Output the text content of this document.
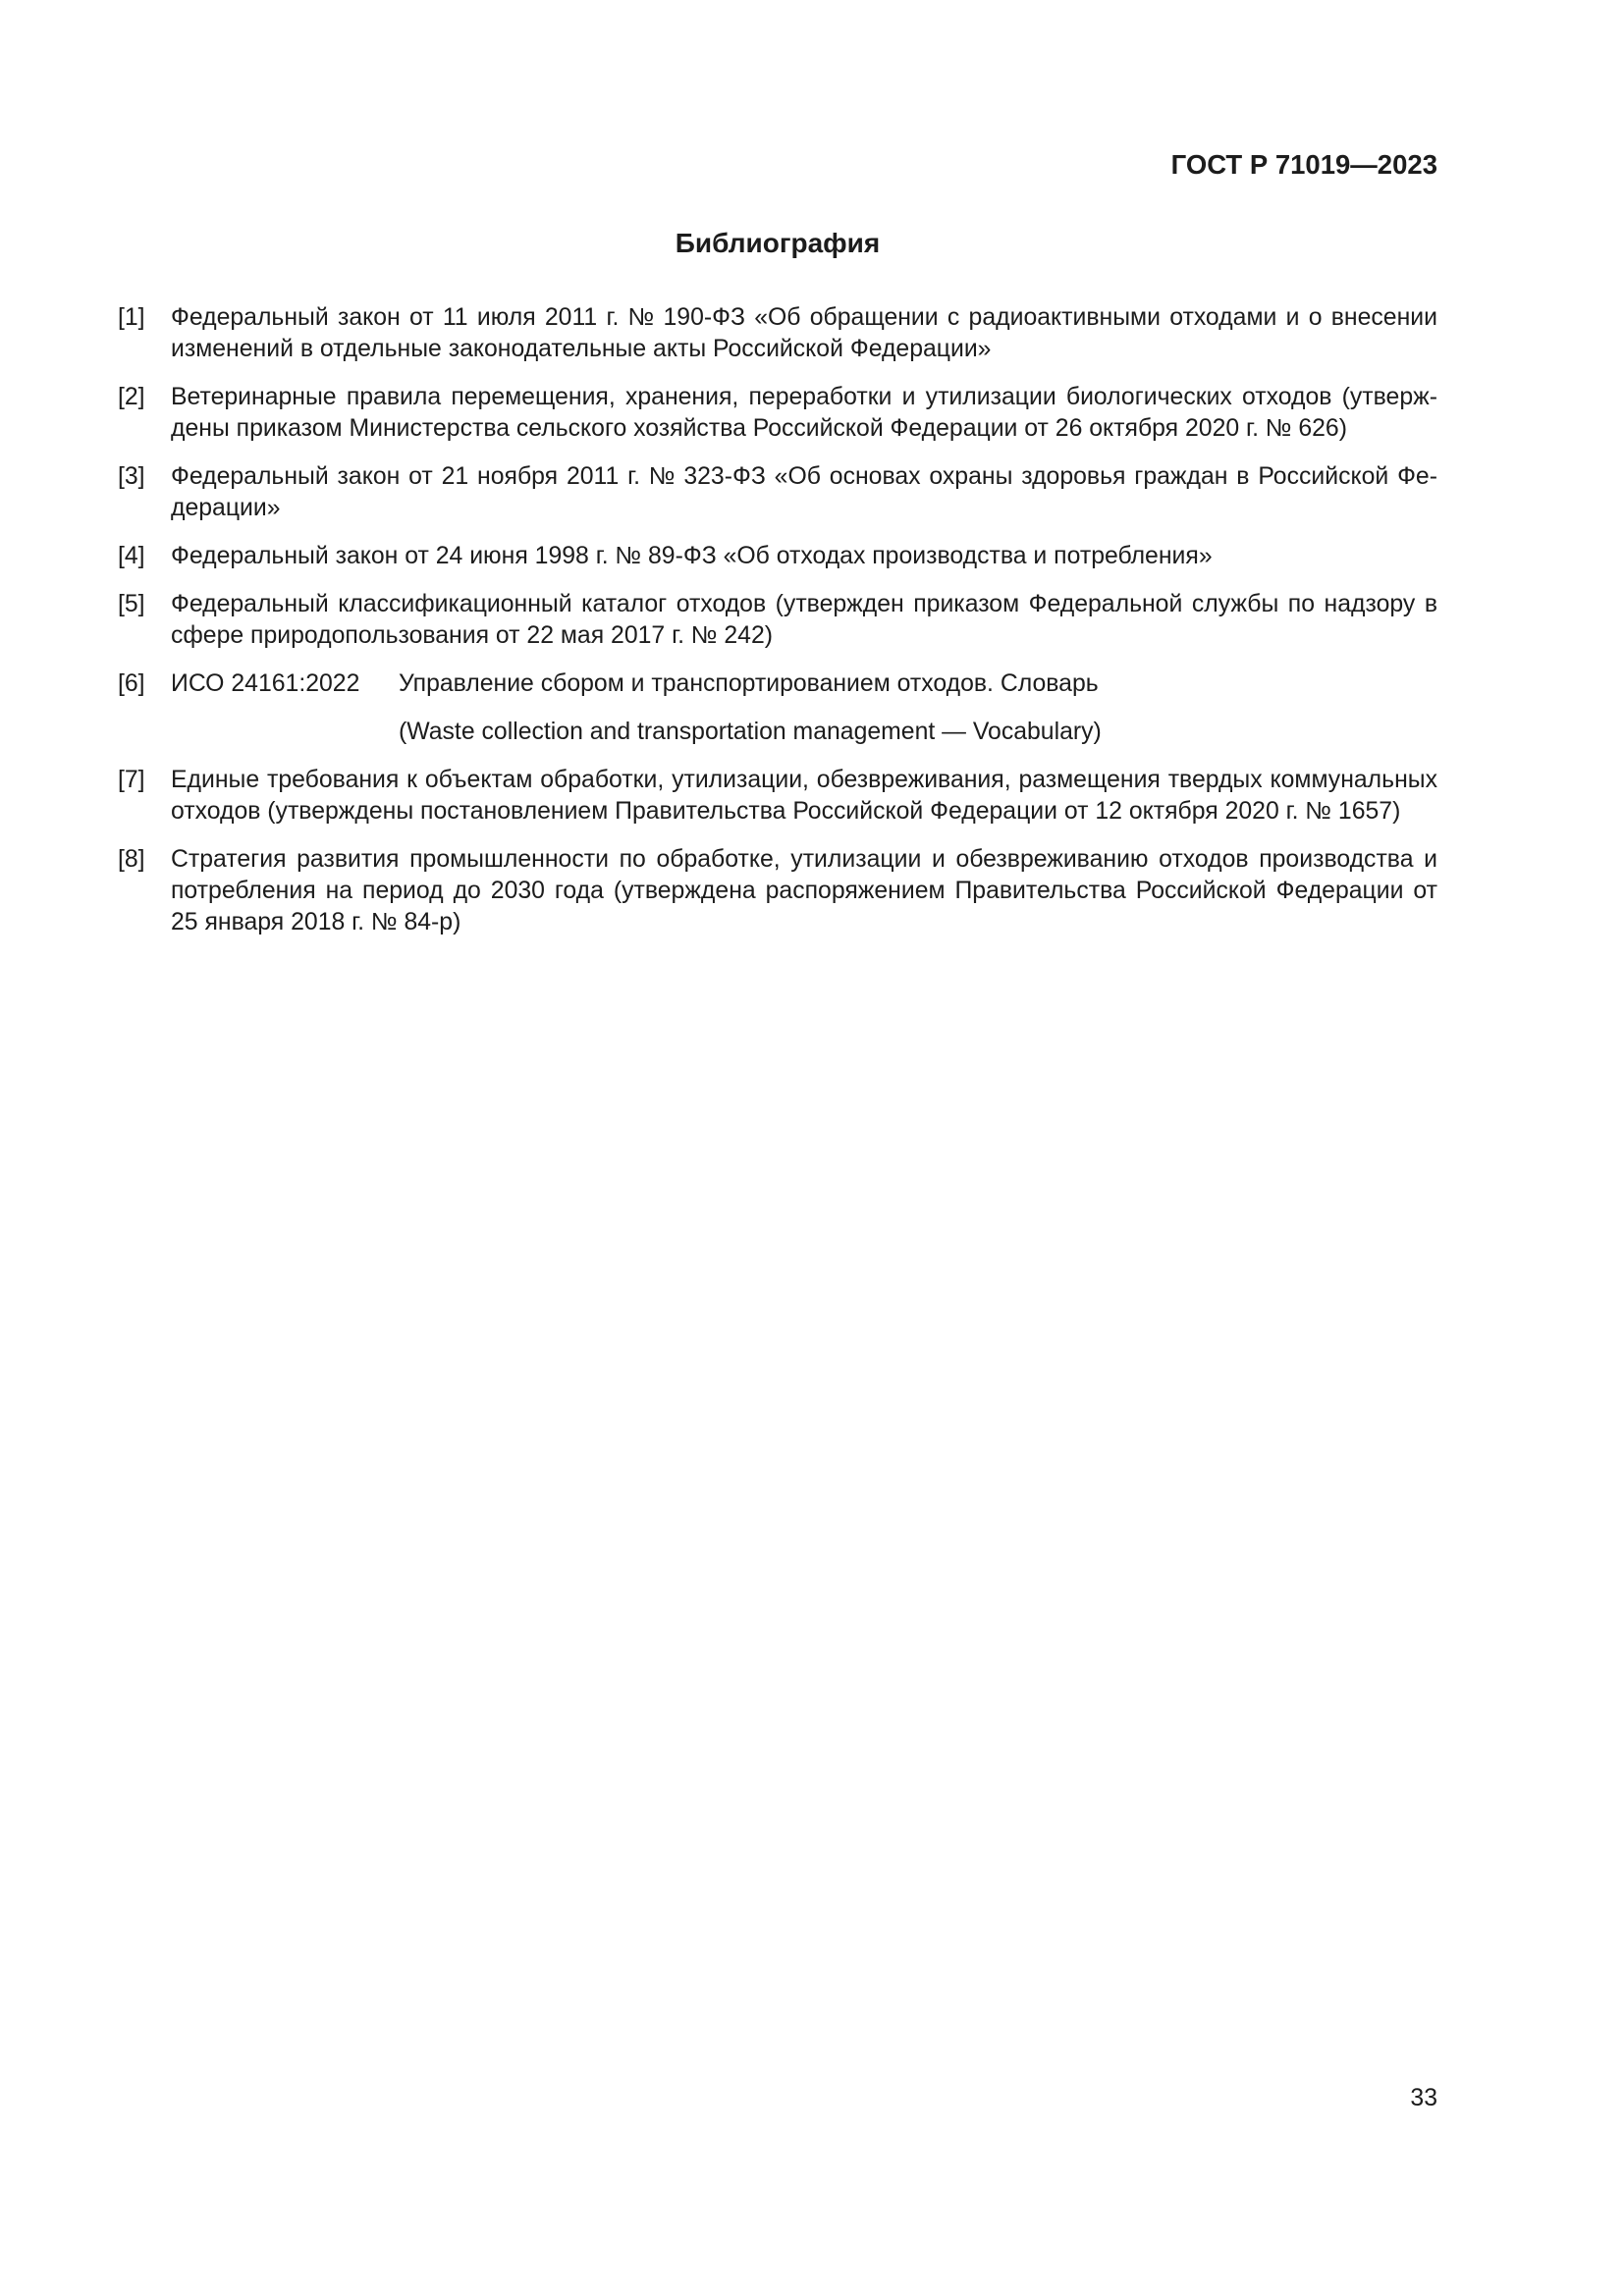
ГОСТ Р 71019—2023
Библиография
[1]	Федеральный закон от 11 июля 2011 г. № 190-ФЗ «Об обращении с радиоактивными отходами и о внесении
изменений в отдельные законодательные акты Российской Федерации»
[2]	Ветеринарные правила перемещения, хранения, переработки и утилизации биологических отходов (утверж-
дены приказом Министерства сельского хозяйства Российской Федерации от 26 октября 2020 г. № 626)
[3]	Федеральный закон от 21 ноября 2011 г. № 323-ФЗ «Об основах охраны здоровья граждан в Российской Фе-
дерации»
[4]	Федеральный закон от 24 июня 1998 г. № 89-ФЗ «Об отходах производства и потребления»
[5]	Федеральный классификационный каталог отходов (утвержден приказом Федеральной службы по надзору в
сфере природопользования от 22 мая 2017 г. № 242)
[6]	ИСО 24161:2022	Управление сбором и транспортированием отходов. Словарь
(Waste collection and transportation management — Vocabulary)
[7]	Единые требования к объектам обработки, утилизации, обезвреживания, размещения твердых коммунальных
отходов (утверждены постановлением Правительства Российской Федерации от 12 октября 2020 г. № 1657)
[8]	Стратегия развития промышленности по обработке, утилизации и обезвреживанию отходов производства и
потребления на период до 2030 года (утверждена распоряжением Правительства Российской Федерации от
25 января 2018 г. № 84-р)
33
